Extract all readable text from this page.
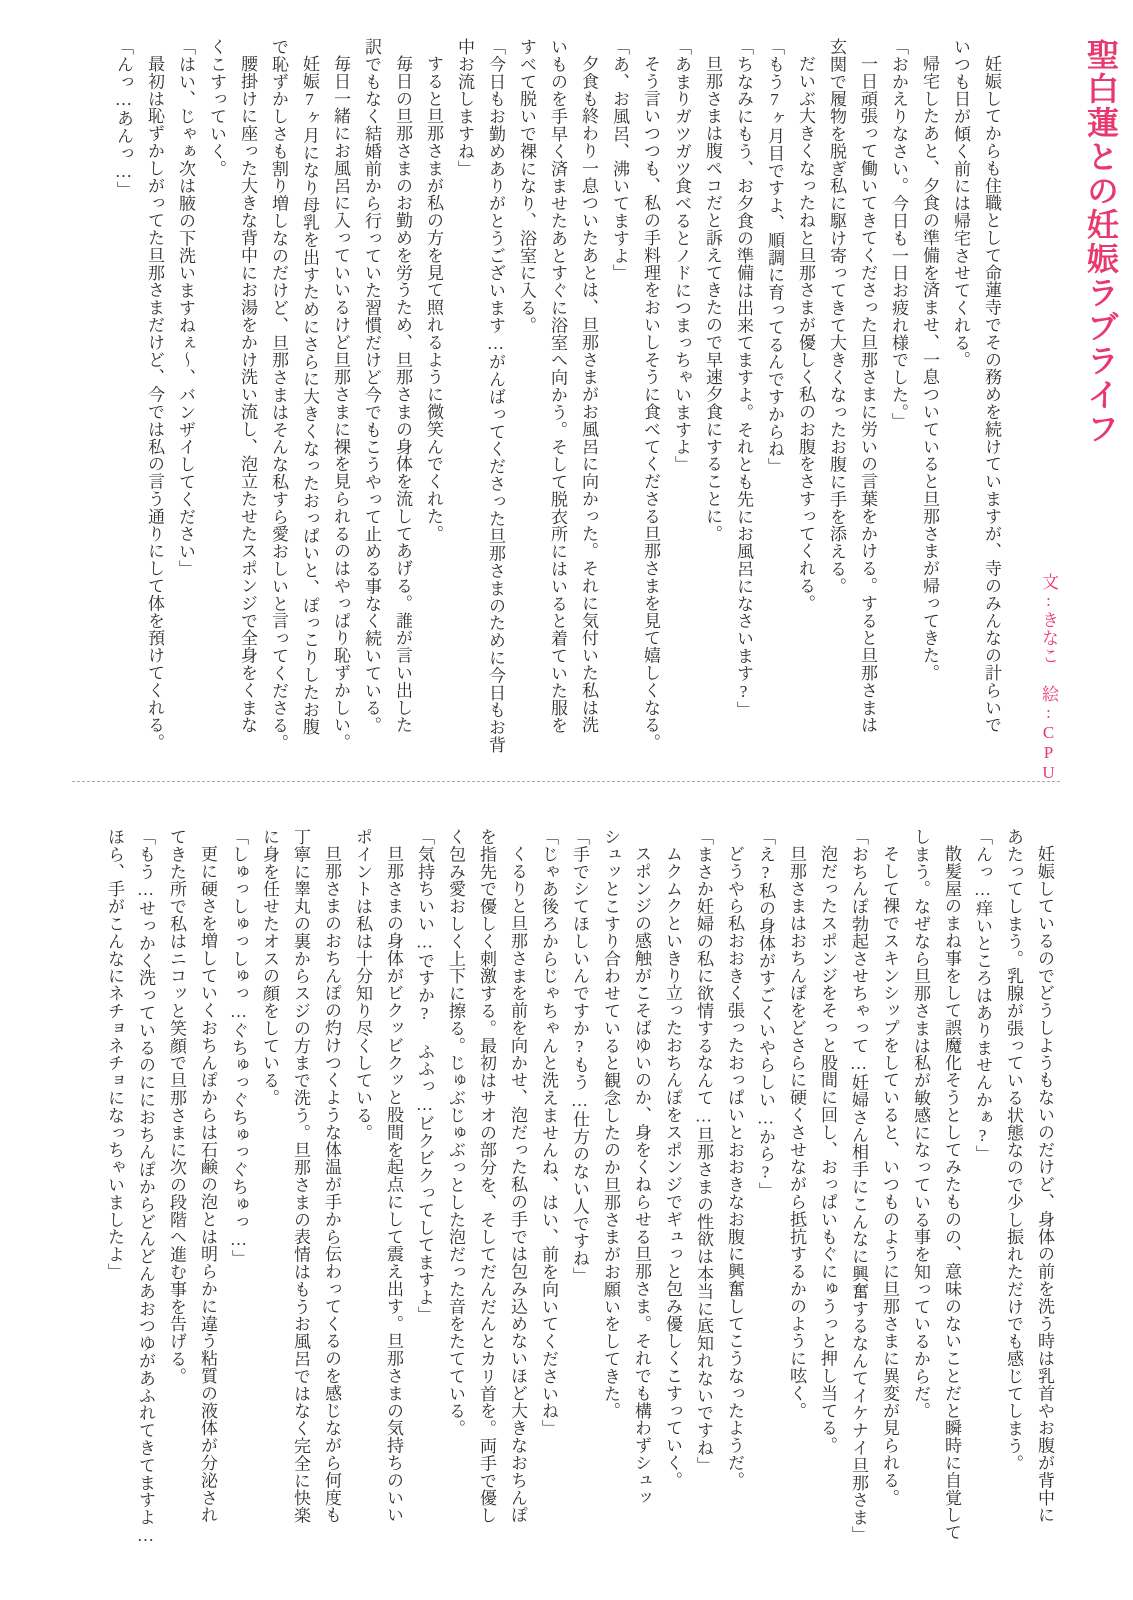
聖白蓮との妊娠ラブライフ
文:きなこ 絵:CPU
妊娠してからも住職として命蓮寺でその務めを続けていますが、寺のみんなの計らいで
いつも日が傾く前には帰宅させてくれる。
帰宅したあと、夕食の準備を済ませ、一息ついていると旦那さまが帰ってきた。
「おかえりなさい。今日も一日お疲れ様でした。」
一日頑張って働いてきてくださった旦那さまに労いの言葉をかける。すると旦那さまは
玄関で履物を脱ぎ私に駆け寄ってきて大きくなったお腹に手を添える。
だいぶ大きくなったねと旦那さまが優しく私のお腹をさすってくれる。
「もう7ヶ月目ですよ、順調に育ってるんですからね」
「ちなみにもう、お夕食の準備は出来てますよ。それとも先にお風呂になさいます?」
旦那さまは腹ペコだと訴えてきたので早速夕食にすることに。
「あまりガツガツ食べるとノドにつまっちゃいますよ」
そう言いつつも、私の手料理をおいしそうに食べてくださる旦那さまを見て嬉しくなる。
「あ、お風呂、沸いてますよ」
夕食も終わり一息ついたあとは、旦那さまがお風呂に向かった。それに気付いた私は洗
いものを手早く済ませたあとすぐに浴室へ向かう。そして脱衣所にはいると着ていた服を
すべて脱いで裸になり、浴室に入る。
「今日もお勤めありがとうございます…がんばってくださった旦那さまのために今日もお背
中お流しますね」
すると旦那さまが私の方を見て照れるように微笑んでくれた。
毎日の旦那さまのお勤めを労うため、旦那さまの身体を流してあげる。誰が言い出した
訳でもなく結婚前から行っていた習慣だけど今でもこうやって止める事なく続いている。
毎日一緒にお風呂に入っていいるけど旦那さまに裸を見られるのはやっぱり恥ずかしい。
妊娠7ヶ月になり母乳を出すためにさらに大きくなったおっぱいと、ぽっこりしたお腹
で恥ずかしさも割り増しなのだけど、旦那さまはそんな私すら愛おしいと言ってくださる。
腰掛けに座った大きな背中にお湯をかけ洗い流し、泡立たせたスポンジで全身をくまな
くこすっていく。
「はい、じゃぁ次は腋の下洗いますねぇ〜、バンザイしてください」
最初は恥ずかしがってた旦那さまだけど、今では私の言う通りにして体を預けてくれる。
「んっ…あんっ…」
妊娠しているのでどうしようもないのだけど、身体の前を洗う時は乳首やお腹が背中に
あたってしまう。乳腺が張っている状態なので少し振れただけでも感じてしまう。
「んっ…痒いところはありませんかぁ?」
散髪屋のまね事をして誤魔化そうとしてみたものの、意味のないことだと瞬時に自覚して
しまう。なぜなら旦那さまは私が敏感になっている事を知っているからだ。
そして裸でスキンシップをしていると、いつものように旦那さまに異変が見られる。
「おちんぽ勃起させちゃって…妊婦さん相手にこんなに興奮するなんてイケナイ旦那さま」
泡だったスポンジをそっと股間に回し、おっぱいもぐにゅうっと押し当てる。
旦那さまはおちんぽをどさらに硬くさせながら抵抗するかのように呟く。
「え?私の身体がすごくいやらしい…から?」
どうやら私おおきく張ったおっぱいとおおきなお腹に興奮してこうなったようだ。
「まさか妊婦の私に欲情するなんて…旦那さまの性欲は本当に底知れないですね」
ムクムクといきり立ったおちんぽをスポンジでギュっと包み優しくこすっていく。
スポンジの感触がこそばゆいのか、身をくねらせる旦那さま。それでも構わずシュッ
シュッとこすり合わせていると観念したのか旦那さまがお願いをしてきた。
「手でシてほしいんですか?もう…仕方のない人ですね」
「じゃあ後ろからじゃちゃんと洗えませんね、はい、前を向いてくださいね」
くるりと旦那さまを前を向かせ、泡だった私の手では包み込めないほど大きなおちんぽ
を指先で優しく刺激する。最初はサオの部分を、そしてだんだんとカリ首を。両手で優し
く包み愛おしく上下に擦る。じゅぶじゅぶっとした泡だった音をたてている。
「気持ちいい…ですか? ふふっ…ビクビクってしてますよ」
旦那さまの身体がビクッビクッと股間を起点にして震え出す。旦那さまの気持ちのいい
ポイントは私は十分知り尽くしている。
旦那さまのおちんぽの灼けつくような体温が手から伝わってくるのを感じながら何度も
丁寧に睾丸の裏からスジの方まで洗う。旦那さまの表情はもうお風呂ではなく完全に快楽
に身を任せたオスの顔をしている。
「しゅっしゅっしゅっ…ぐちゅっぐちゅっぐちゅっ…」
更に硬さを増していくおちんぽからは石鹸の泡とは明らかに違う粘質の液体が分泌され
てきた所で私はニコッと笑顔で旦那さまに次の段階へ進む事を告げる。
「もう…せっかく洗っているのににおちんぽからどんどんあおつゆがあふれてきてますよ…
ほら、手がこんなにネチョネチョになっちゃいましたよ」
